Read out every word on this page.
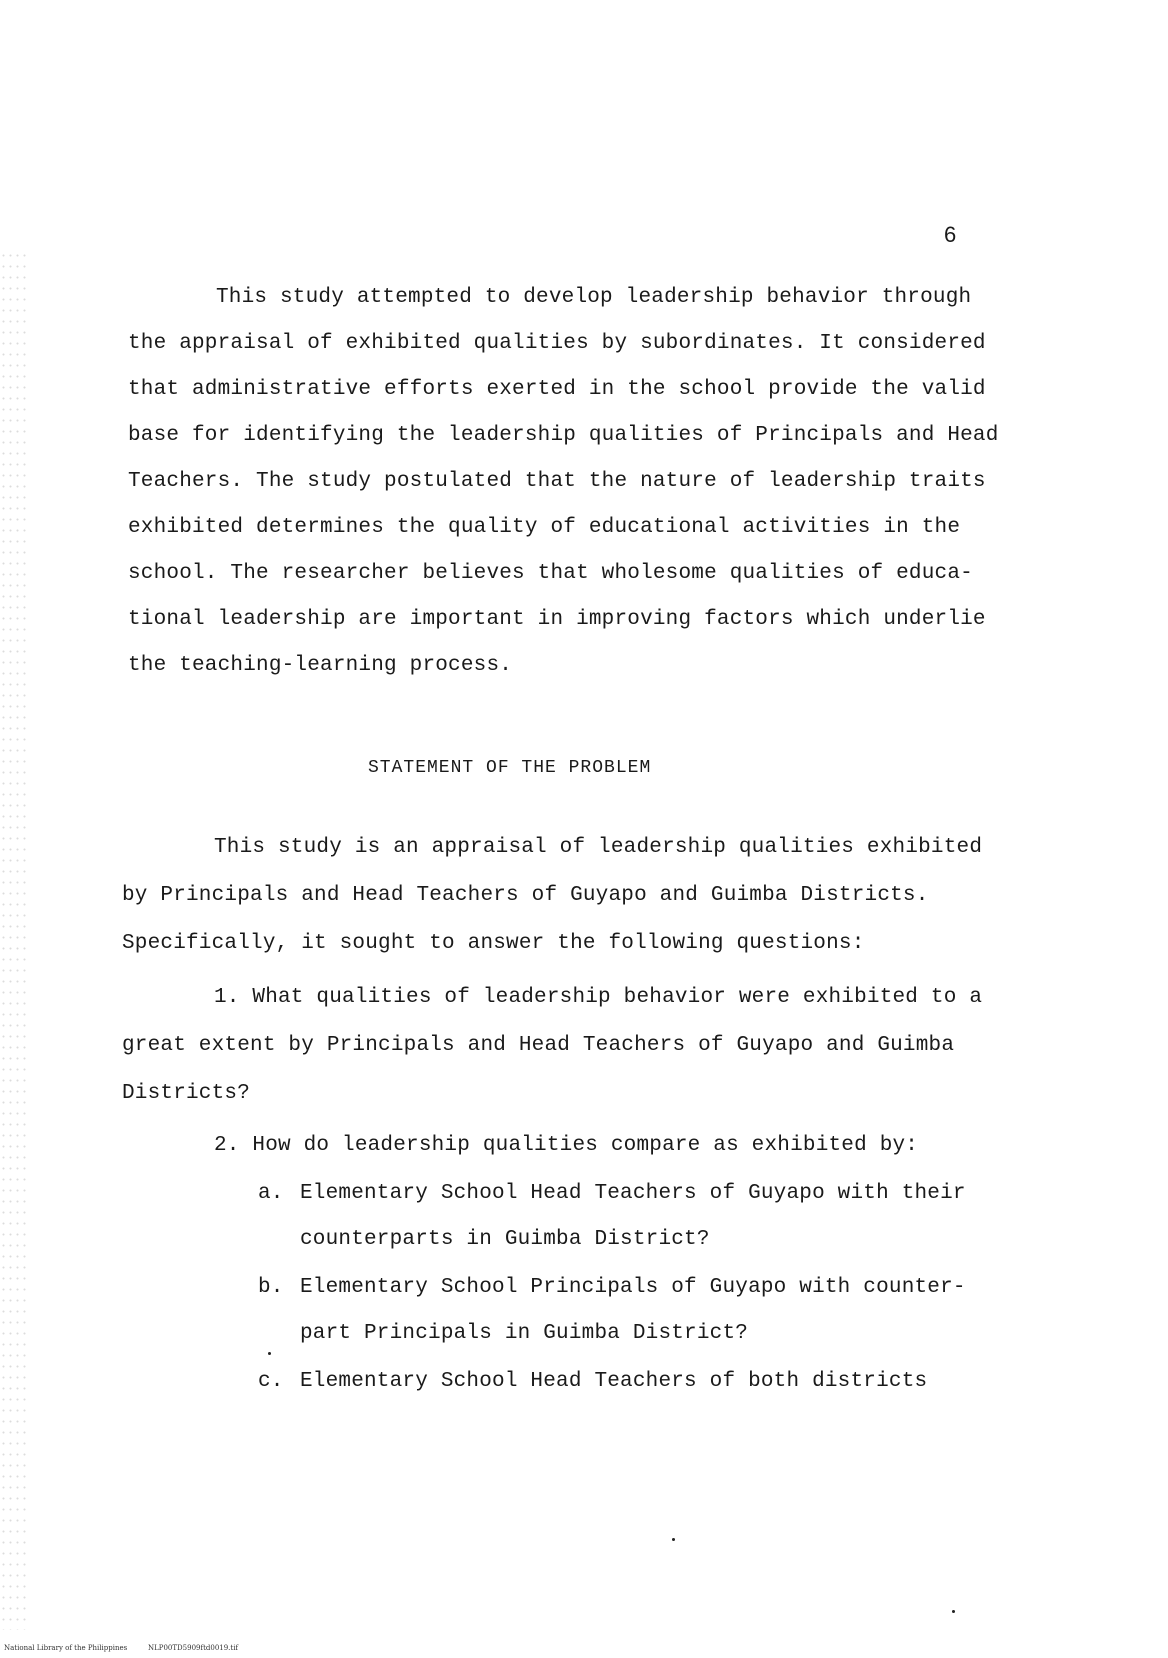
6
This study attempted to develop leadership behavior through
the appraisal of exhibited qualities by subordinates. It considered
that administrative efforts exerted in the school provide the valid
base for identifying the leadership qualities of Principals and Head
Teachers. The study postulated that the nature of leadership traits
exhibited determines the quality of educational activities in the
school. The researcher believes that wholesome qualities of educa-
tional leadership are important in improving factors which underlie
the teaching-learning process.
STATEMENT OF THE PROBLEM
This study is an appraisal of leadership qualities exhibited
by Principals and Head Teachers of Guyapo and Guimba Districts.
Specifically, it sought to answer the following questions:
1. What qualities of leadership behavior were exhibited to a
great extent by Principals and Head Teachers of Guyapo and Guimba
Districts?
2. How do leadership qualities compare as exhibited by:
a. Elementary School Head Teachers of Guyapo with their
counterparts in Guimba District?
b. Elementary School Principals of Guyapo with counter-
part Principals in Guimba District?
c. Elementary School Head Teachers of both districts
National Library of the Philippines	NLP00TD5909ftd0019.tif
